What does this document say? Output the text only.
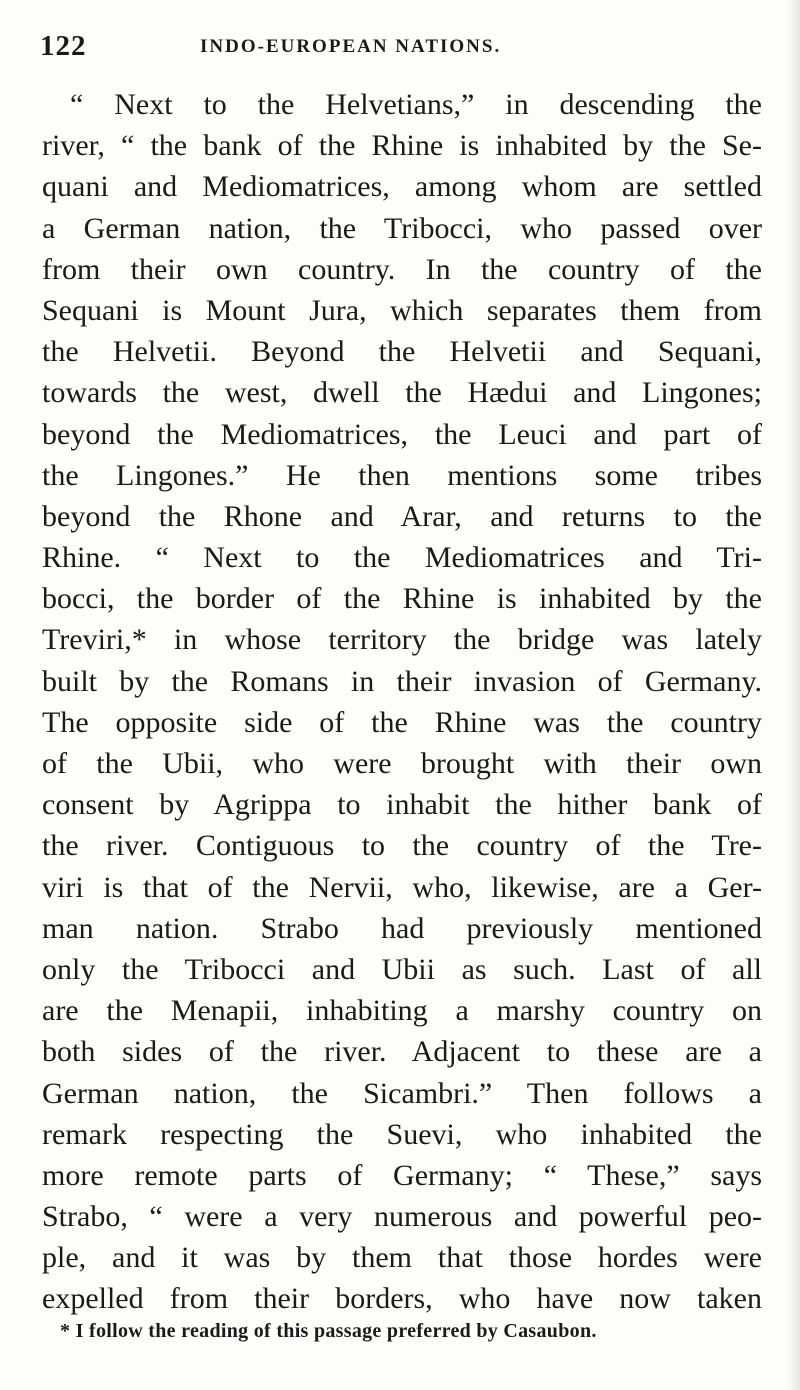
122	INDO-EUROPEAN NATIONS.
“ Next to the Helvetians,” in descending the
river, “ the bank of the Rhine is inhabited by the Se-
quani and Mediomatrices, among whom are settled
a German nation, the Tribocci, who passed over
from their own country. In the country of the
Sequani is Mount Jura, which separates them from
the Helvetii. Beyond the Helvetii and Sequani,
towards the west, dwell the Hædui and Lingones;
beyond the Mediomatrices, the Leuci and part of
the Lingones.” He then mentions some tribes
beyond the Rhone and Arar, and returns to the
Rhine. “ Next to the Mediomatrices and Tri-
bocci, the border of the Rhine is inhabited by the
Treviri,* in whose territory the bridge was lately
built by the Romans in their invasion of Germany.
The opposite side of the Rhine was the country
of the Ubii, who were brought with their own
consent by Agrippa to inhabit the hither bank of
the river. Contiguous to the country of the Tre-
viri is that of the Nervii, who, likewise, are a Ger-
man nation. Strabo had previously mentioned
only the Tribocci and Ubii as such. Last of all
are the Menapii, inhabiting a marshy country on
both sides of the river. Adjacent to these are a
German nation, the Sicambri.” Then follows a
remark respecting the Suevi, who inhabited the
more remote parts of Germany; “ These,” says
Strabo, “ were a very numerous and powerful peo-
ple, and it was by them that those hordes were
expelled from their borders, who have now taken
* I follow the reading of this passage preferred by Casaubon.
